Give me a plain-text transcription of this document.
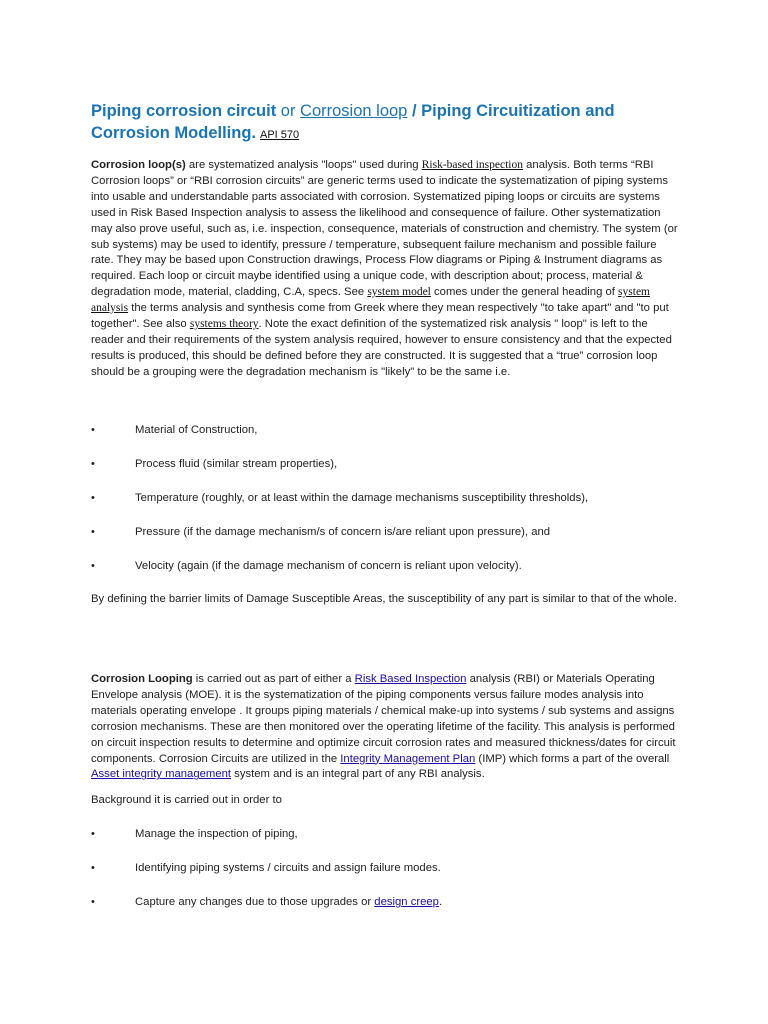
Piping corrosion circuit or Corrosion loop / Piping Circuitization and Corrosion Modelling. API 570
Corrosion loop(s) are systematized analysis "loops" used during Risk-based inspection analysis. Both terms “RBI Corrosion loops” or “RBI corrosion circuits” are generic terms used to indicate the systematization of piping systems into usable and understandable parts associated with corrosion. Systematized piping loops or circuits are systems used in Risk Based Inspection analysis to assess the likelihood and consequence of failure. Other systematization may also prove useful, such as, i.e. inspection, consequence, materials of construction and chemistry. The system (or sub systems) may be used to identify, pressure / temperature, subsequent failure mechanism and possible failure rate. They may be based upon Construction drawings, Process Flow diagrams or Piping & Instrument diagrams as required. Each loop or circuit maybe identified using a unique code, with description about; process, material & degradation mode, material, cladding, C.A, specs. See system model comes under the general heading of system analysis the terms analysis and synthesis come from Greek where they mean respectively "to take apart" and "to put together". See also systems theory. Note the exact definition of the systematized risk analysis " loop" is left to the reader and their requirements of the system analysis required, however to ensure consistency and that the expected results is produced, this should be defined before they are constructed. It is suggested that a “true” corrosion loop should be a grouping were the degradation mechanism is "likely" to be the same i.e.
•	Material of Construction,
•	Process fluid (similar stream properties),
•	Temperature (roughly, or at least within the damage mechanisms susceptibility thresholds),
•	Pressure (if the damage mechanism/s of concern is/are reliant upon pressure), and
•	Velocity (again (if the damage mechanism of concern is reliant upon velocity).
By defining the barrier limits of Damage Susceptible Areas, the susceptibility of any part is similar to that of the whole.
Corrosion Looping is carried out as part of either a Risk Based Inspection analysis (RBI) or Materials Operating Envelope analysis (MOE). it is the systematization of the piping components versus failure modes analysis into materials operating envelope . It groups piping materials / chemical make-up into systems / sub systems and assigns corrosion mechanisms. These are then monitored over the operating lifetime of the facility. This analysis is performed on circuit inspection results to determine and optimize circuit corrosion rates and measured thickness/dates for circuit components. Corrosion Circuits are utilized in the Integrity Management Plan (IMP) which forms a part of the overall Asset integrity management system and is an integral part of any RBI analysis.
Background it is carried out in order to
•	Manage the inspection of piping,
•	Identifying piping systems / circuits and assign failure modes.
•	Capture any changes due to those upgrades or design creep.
